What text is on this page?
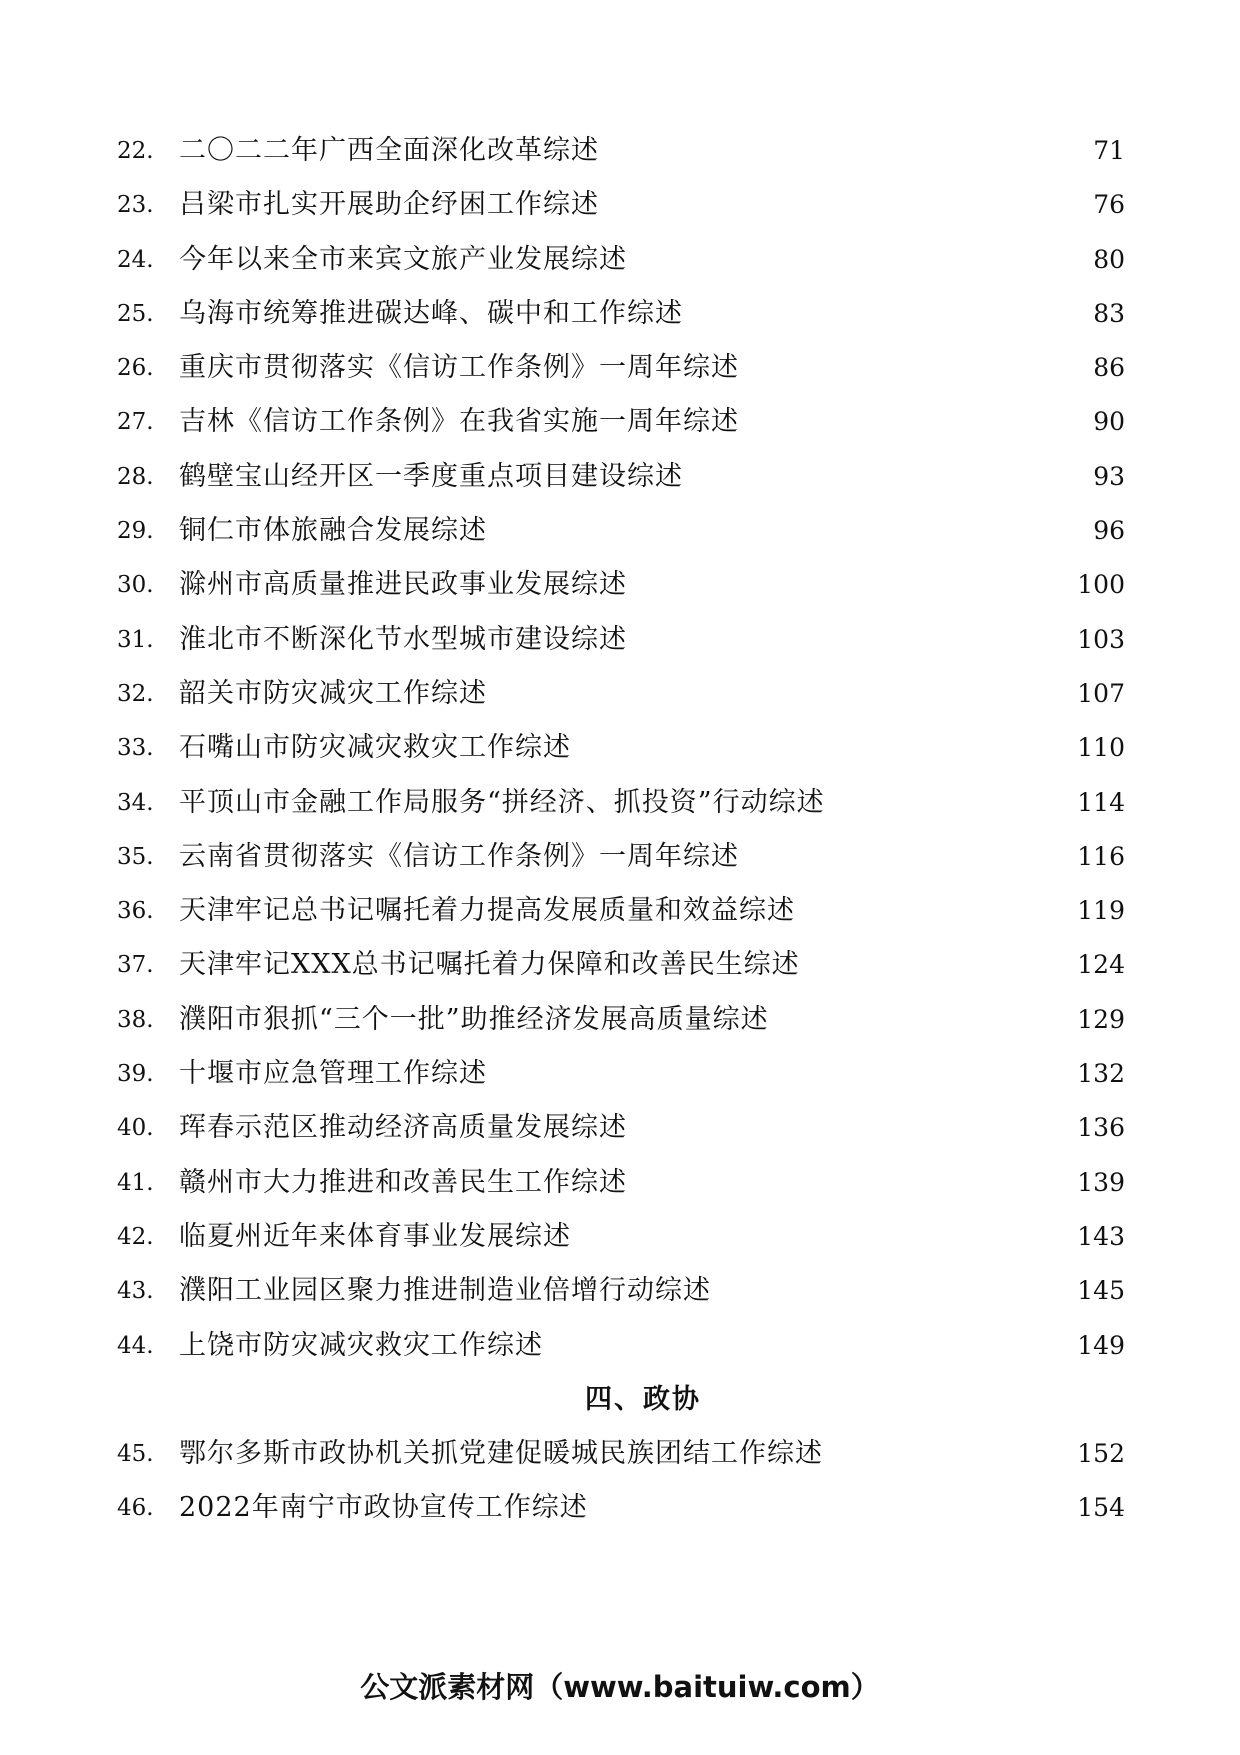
22. 二〇二二年广西全面深化改革综述	71
23. 吕梁市扎实开展助企纾困工作综述	76
24. 今年以来全市来宾文旅产业发展综述	80
25. 乌海市统筹推进碳达峰、碳中和工作综述	83
26. 重庆市贯彻落实《信访工作条例》一周年综述	86
27. 吉林《信访工作条例》在我省实施一周年综述	90
28. 鹤壁宝山经开区一季度重点项目建设综述	93
29. 铜仁市体旅融合发展综述	96
30. 滁州市高质量推进民政事业发展综述	100
31. 淮北市不断深化节水型城市建设综述	103
32. 韶关市防灾减灾工作综述	107
33. 石嘴山市防灾减灾救灾工作综述	110
34. 平顶山市金融工作局服务“拼经济、抓投资”行动综述	114
35. 云南省贯彻落实《信访工作条例》一周年综述	116
36. 天津牢记总书记嘱托着力提高发展质量和效益综述	119
37. 天津牢记XXX总书记嘱托着力保障和改善民生综述	124
38. 濮阳市狠抓“三个一批”助推经济发展高质量综述	129
39. 十堰市应急管理工作综述	132
40. 珲春示范区推动经济高质量发展综述	136
41. 赣州市大力推进和改善民生工作综述	139
42. 临夏州近年来体育事业发展综述	143
43. 濮阳工业园区聚力推进制造业倍增行动综述	145
44. 上饶市防灾减灾救灾工作综述	149
四、政协
45. 鄂尔多斯市政协机关抓党建促暖城民族团结工作综述	152
46. 2022年南宁市政协宣传工作综述	154
公文派素材网（www.baituiw.com）
